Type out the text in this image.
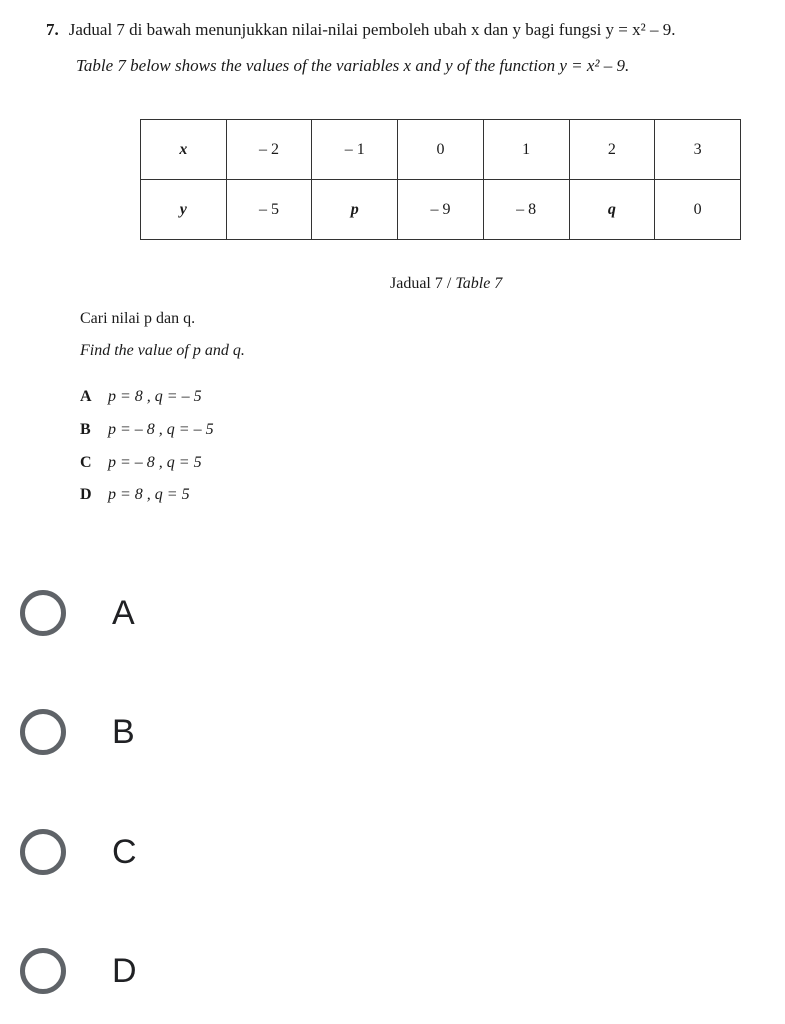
7. Jadual 7 di bawah menunjukkan nilai-nilai pemboleh ubah x dan y bagi fungsi y = x² – 9.
Table 7 below shows the values of the variables x and y of the function y = x² – 9.
x	– 2	– 1	0	1	2	3
y	– 5	p	– 9	– 8	q	0
Jadual 7 / Table 7
Cari nilai p dan q.
Find the value of p and q.
A p = 8 , q = – 5
B p = – 8 , q = – 5
C p = – 8 , q = 5
D p = 8 , q = 5
A
B
C
D
